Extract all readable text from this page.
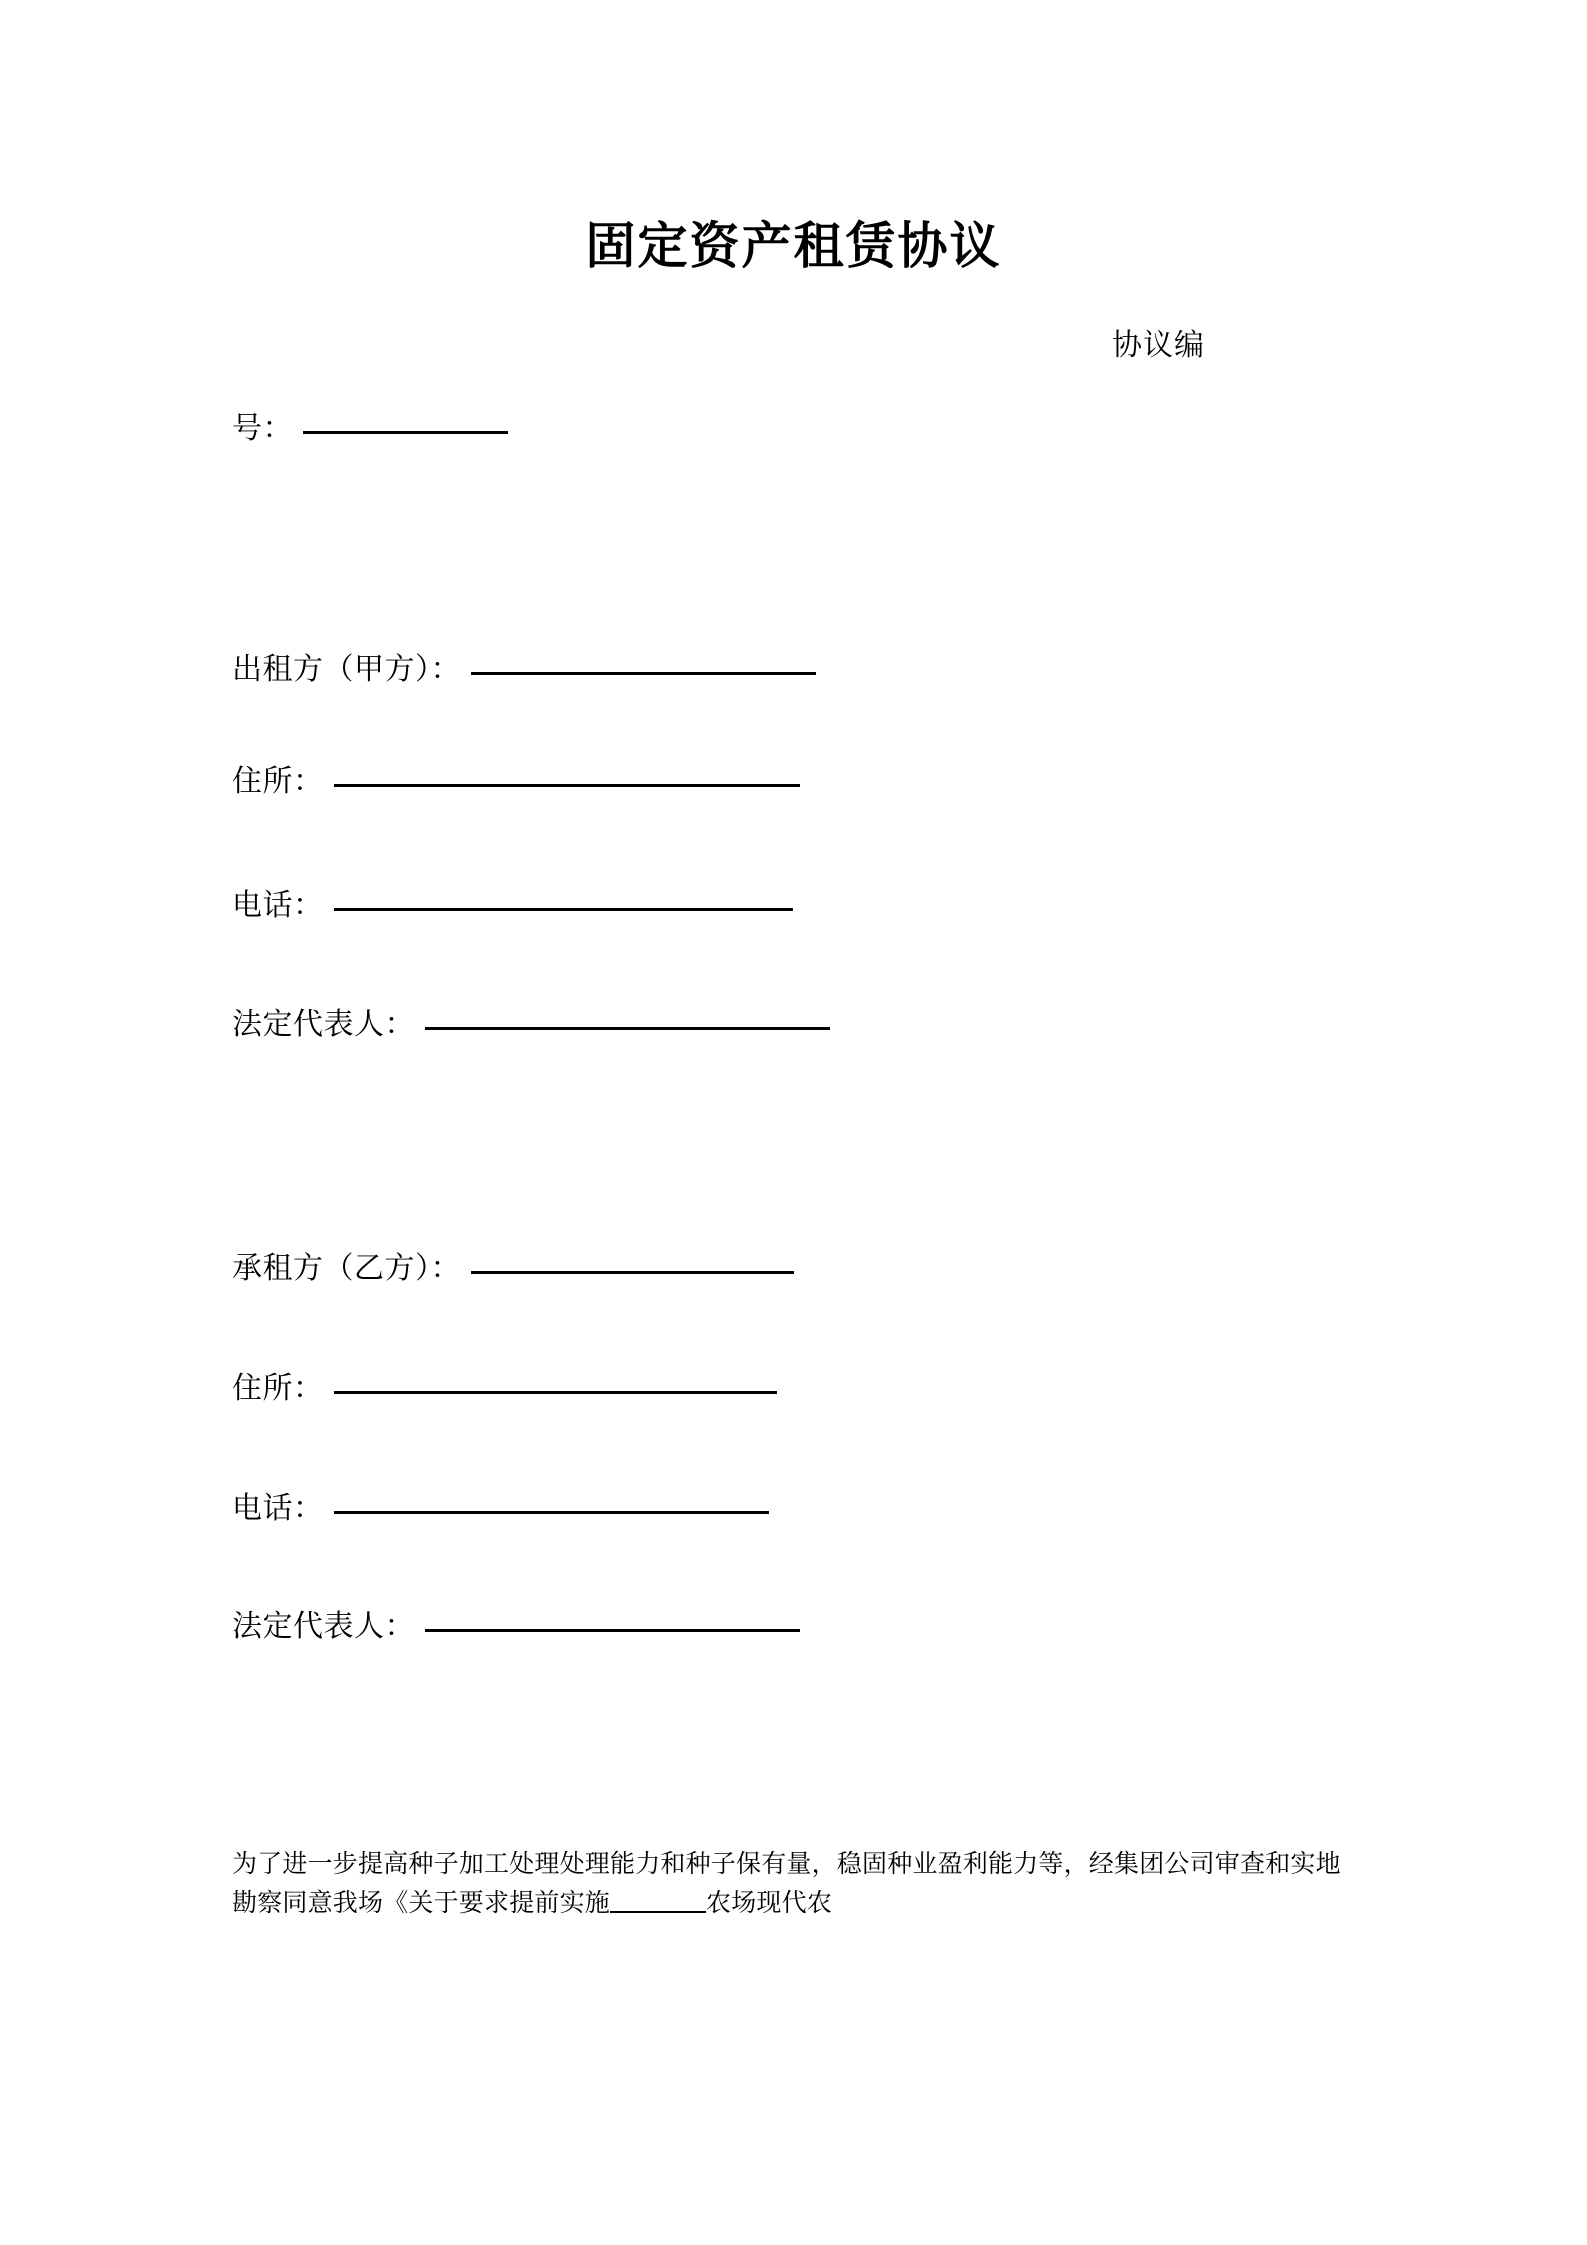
固定资产租赁协议
协议编
号：
出租方（甲方）：
住所：
电话：
法定代表人：
承租方（乙方）：
住所：
电话：
法定代表人：

为了进一步提高种子加工处理处理能力和种子保有量，稳固种业盈利能力等，经集团公司审查和实地勘察同意我场《关于要求提前实施	农场现代农
